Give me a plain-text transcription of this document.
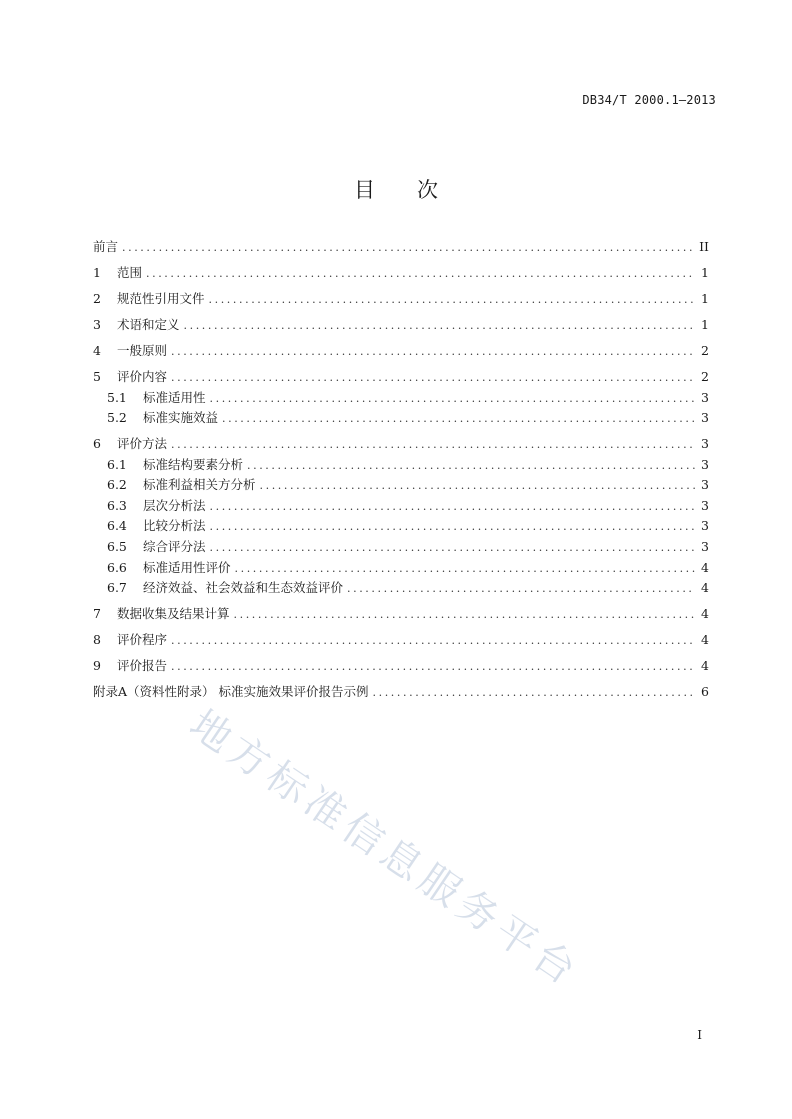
DB34/T 2000.1—2013
目 次
前言 .....	II
1	范围 .....	1
2	规范性引用文件 .....	1
3	术语和定义 .....	1
4	一般原则 .....	2
5	评价内容 .....	2
5.1	标准适用性 .....	3
5.2	标准实施效益 .....	3
6	评价方法 .....	3
6.1	标准结构要素分析 .....	3
6.2	标准利益相关方分析 .....	3
6.3	层次分析法 .....	3
6.4	比较分析法 .....	3
6.5	综合评分法 .....	3
6.6	标准适用性评价 .....	4
6.7	经济效益、社会效益和生态效益评价 .....	4
7	数据收集及结果计算 .....	4
8	评价程序 .....	4
9	评价报告 .....	4
附录A（资料性附录） 标准实施效果评价报告示例 .....	6
I
地方标准信息服务平台
